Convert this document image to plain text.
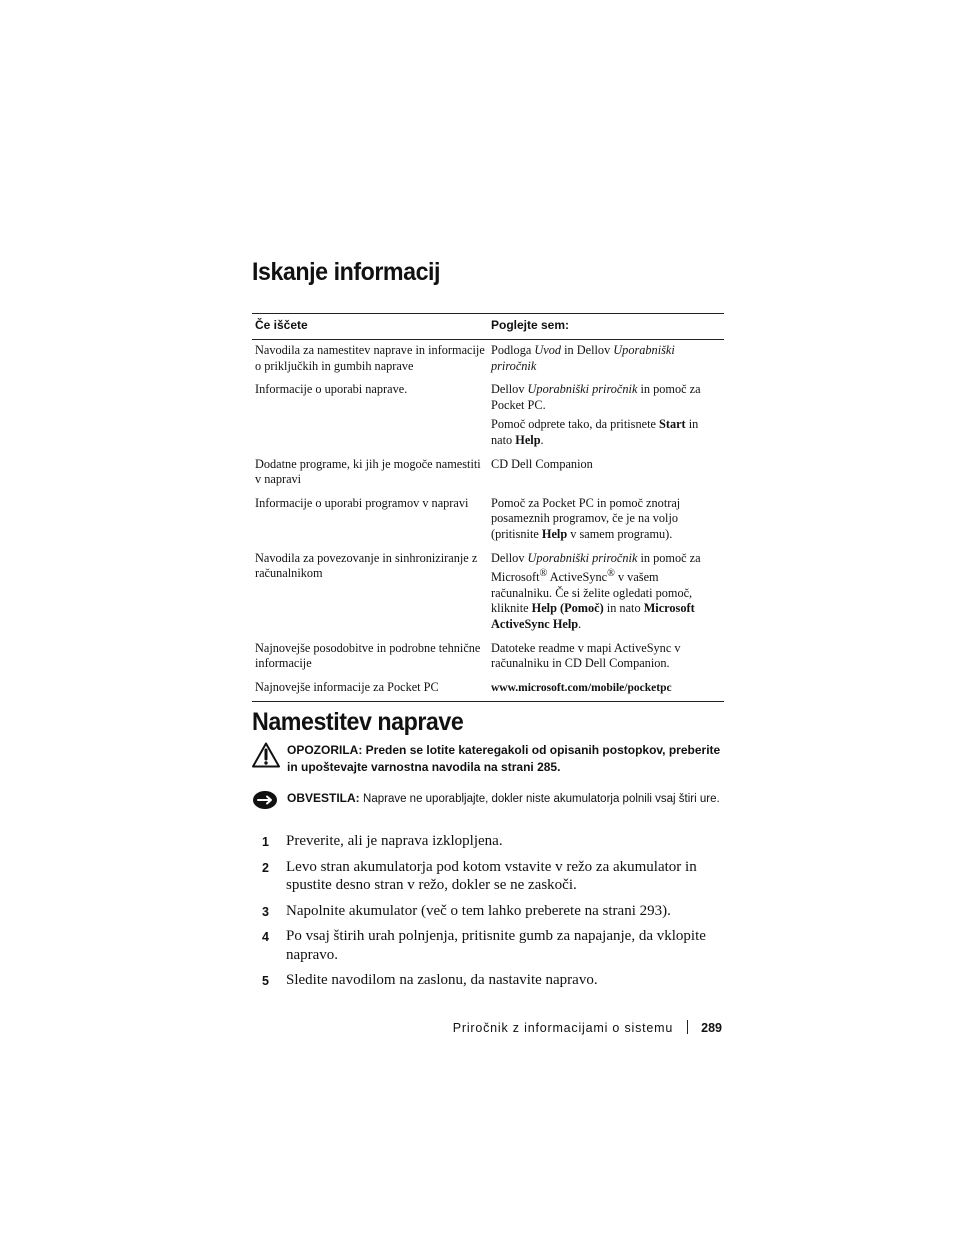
Iskanje informacij
Če iščete	Poglejte sem:
Navodila za namestitev naprave in informacije o priključkih in gumbih naprave	Podloga Uvod in Dellov Uporabniški priročnik
Informacije o uporabi naprave.	Dellov Uporabniški priročnik in pomoč za Pocket PC.

Pomoč odprete tako, da pritisnete Start in nato Help.

Dodatne programe, ki jih je mogoče namestiti v napravi	CD Dell Companion
Informacije o uporabi programov v napravi	Pomoč za Pocket PC in pomoč znotraj posameznih programov, če je na voljo (pritisnite Help v samem programu).
Navodila za povezovanje in sinhroniziranje z računalnikom	Dellov Uporabniški priročnik in pomoč za Microsoft® ActiveSync® v vašem računalniku. Če si želite ogledati pomoč, kliknite Help (Pomoč) in nato Microsoft ActiveSync Help.
Najnovejše posodobitve in podrobne tehnične informacije	Datoteke readme v mapi ActiveSync v računalniku in CD Dell Companion.
Najnovejše informacije za Pocket PC	www.microsoft.com/mobile/pocketpc
Namestitev naprave
OPOZORILA: Preden se lotite kateregakoli od opisanih postopkov, preberite in upoštevajte varnostna navodila na strani 285.
OBVESTILA: Naprave ne uporabljajte, dokler niste akumulatorja polnili vsaj štiri ure.
1 Preverite, ali je naprava izklopljena.
2 Levo stran akumulatorja pod kotom vstavite v režo za akumulator in spustite desno stran v režo, dokler se ne zaskoči.
3 Napolnite akumulator (več o tem lahko preberete na strani 293).
4 Po vsaj štirih urah polnjenja, pritisnite gumb za napajanje, da vklopite napravo.
5 Sledite navodilom na zaslonu, da nastavite napravo.
Priročnik z informacijami o sistemu 289
